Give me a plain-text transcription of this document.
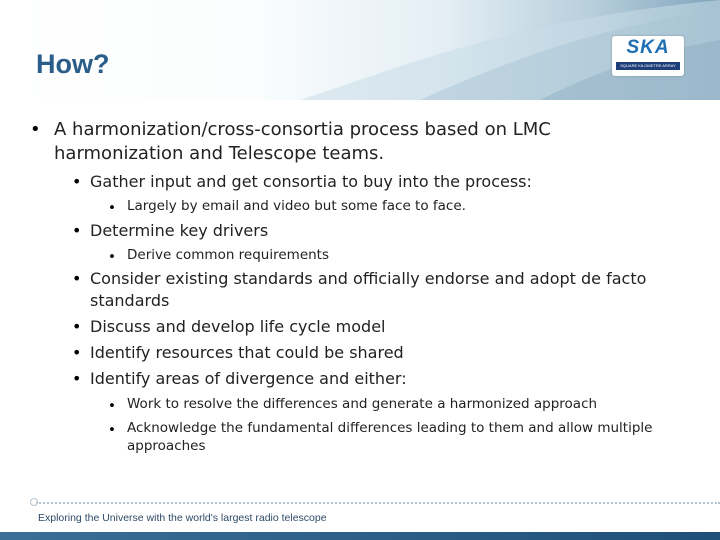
How?
SKA
SQUARE KILOMETRE ARRAY
• A harmonization/cross-consortia process based on LMC harmonization and Telescope teams.

• Gather input and get consortia to buy into the process:

• Largely by email and video but some face to face.

• Determine key drivers

• Derive common requirements

• Consider existing standards and officially endorse and adopt de facto standards

• Discuss and develop life cycle model

• Identify resources that could be shared

• Identify areas of divergence and either:

• Work to resolve the differences and generate a harmonized approach

• Acknowledge the fundamental differences leading to them and allow multiple approaches

Exploring the Universe with the world's largest radio telescope
